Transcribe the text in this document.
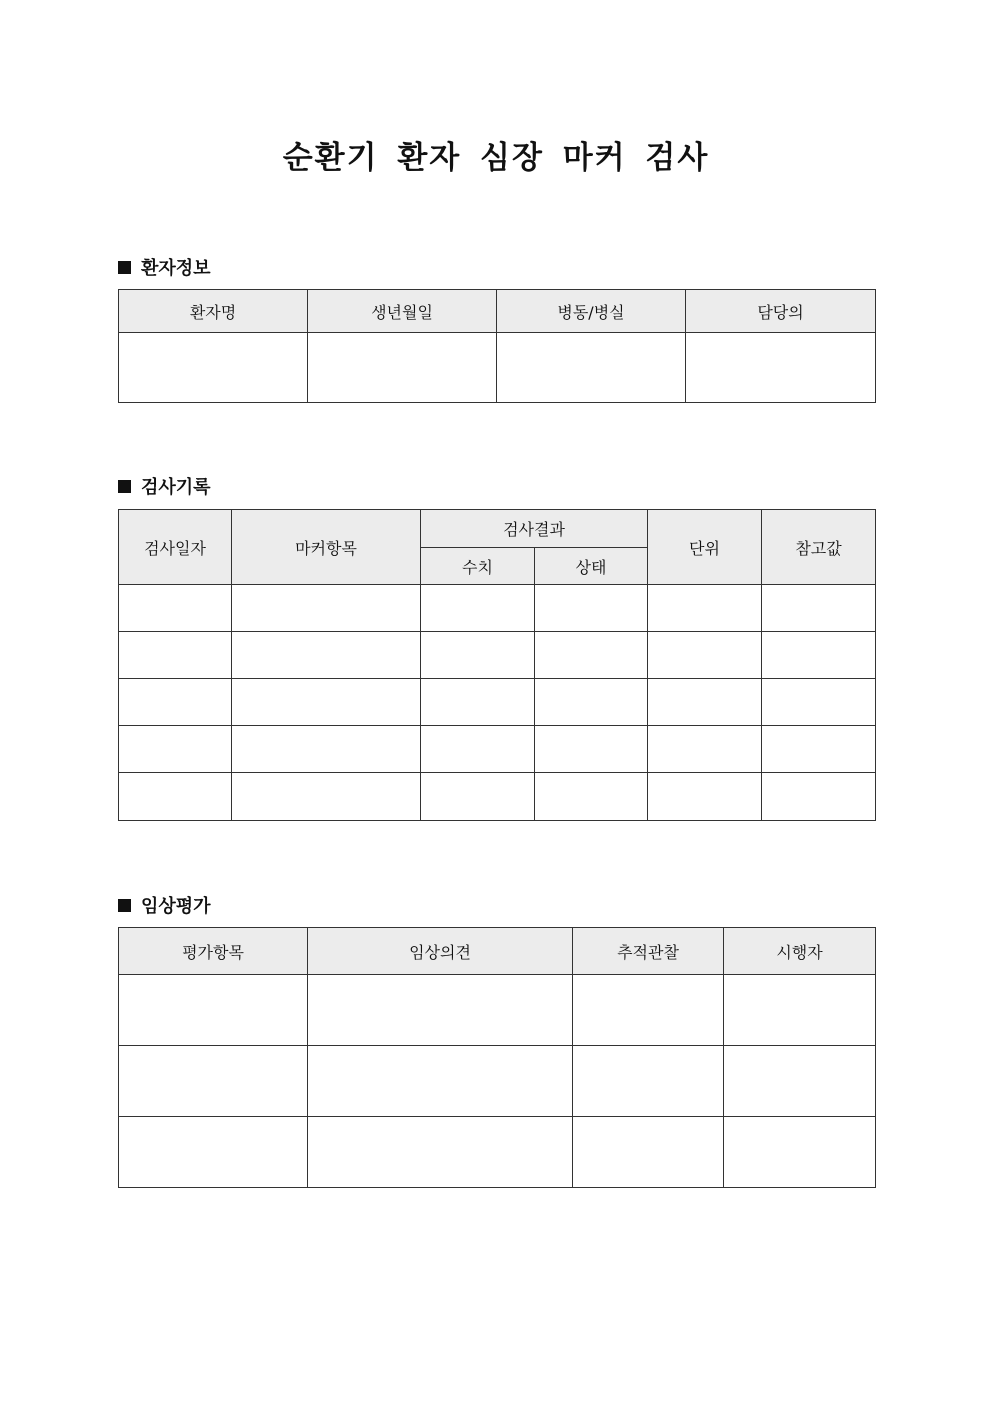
순환기 환자 심장 마커 검사
환자정보
환자명	생년월일	병동/병실	담당의

검사기록
검사일자	마커항목	검사결과		단위	참고값
		수치	상태		

임상평가
평가항목	임상의견	추적관찰	시행자
